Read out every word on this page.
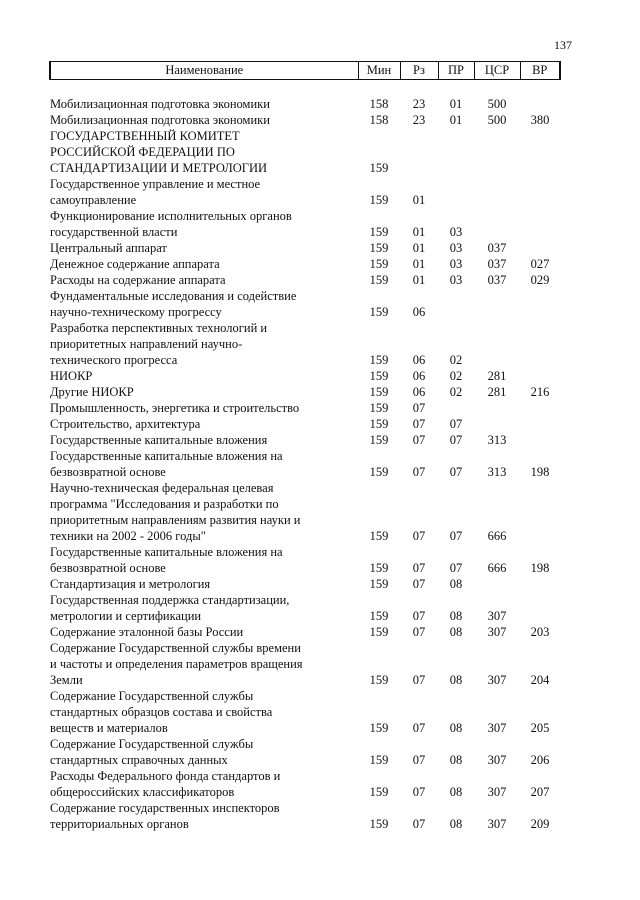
137
Наименование	Мин	Рз	ПР	ЦСР	ВР

Мобилизационная подготовка экономики	158	23	01	500	
Мобилизационная подготовка экономики	158	23	01	500	380
ГОСУДАРСТВЕННЫЙ КОМИТЕТ					
РОССИЙСКОЙ ФЕДЕРАЦИИ ПО					
СТАНДАРТИЗАЦИИ И МЕТРОЛОГИИ	159				
Государственное управление и местное					
самоуправление	159	01			
Функционирование исполнительных органов					
государственной власти	159	01	03		
Центральный аппарат	159	01	03	037	
Денежное содержание аппарата	159	01	03	037	027
Расходы на содержание аппарата	159	01	03	037	029
Фундаментальные исследования и содействие					
научно-техническому прогрессу	159	06			
Разработка перспективных технологий и					
приоритетных направлений научно-					
технического прогресса	159	06	02		
НИОКР	159	06	02	281	
Другие НИОКР	159	06	02	281	216
Промышленность, энергетика и строительство	159	07			
Строительство, архитектура	159	07	07		
Государственные капитальные вложения	159	07	07	313	
Государственные капитальные вложения на					
безвозвратной основе	159	07	07	313	198
Научно-техническая федеральная целевая					
программа "Исследования и разработки по					
приоритетным направлениям развития науки и					
техники на 2002 - 2006 годы"	159	07	07	666	
Государственные капитальные вложения на					
безвозвратной основе	159	07	07	666	198
Стандартизация и метрология	159	07	08		
Государственная поддержка стандартизации,					
метрологии и сертификации	159	07	08	307	
Содержание эталонной базы России	159	07	08	307	203
Содержание Государственной службы времени					
и частоты и определения параметров вращения					
Земли	159	07	08	307	204
Содержание Государственной службы					
стандартных образцов состава и свойства					
веществ и материалов	159	07	08	307	205
Содержание Государственной службы					
стандартных справочных данных	159	07	08	307	206
Расходы Федерального фонда стандартов и					
общероссийских классификаторов	159	07	08	307	207
Содержание государственных инспекторов					
территориальных органов	159	07	08	307	209
